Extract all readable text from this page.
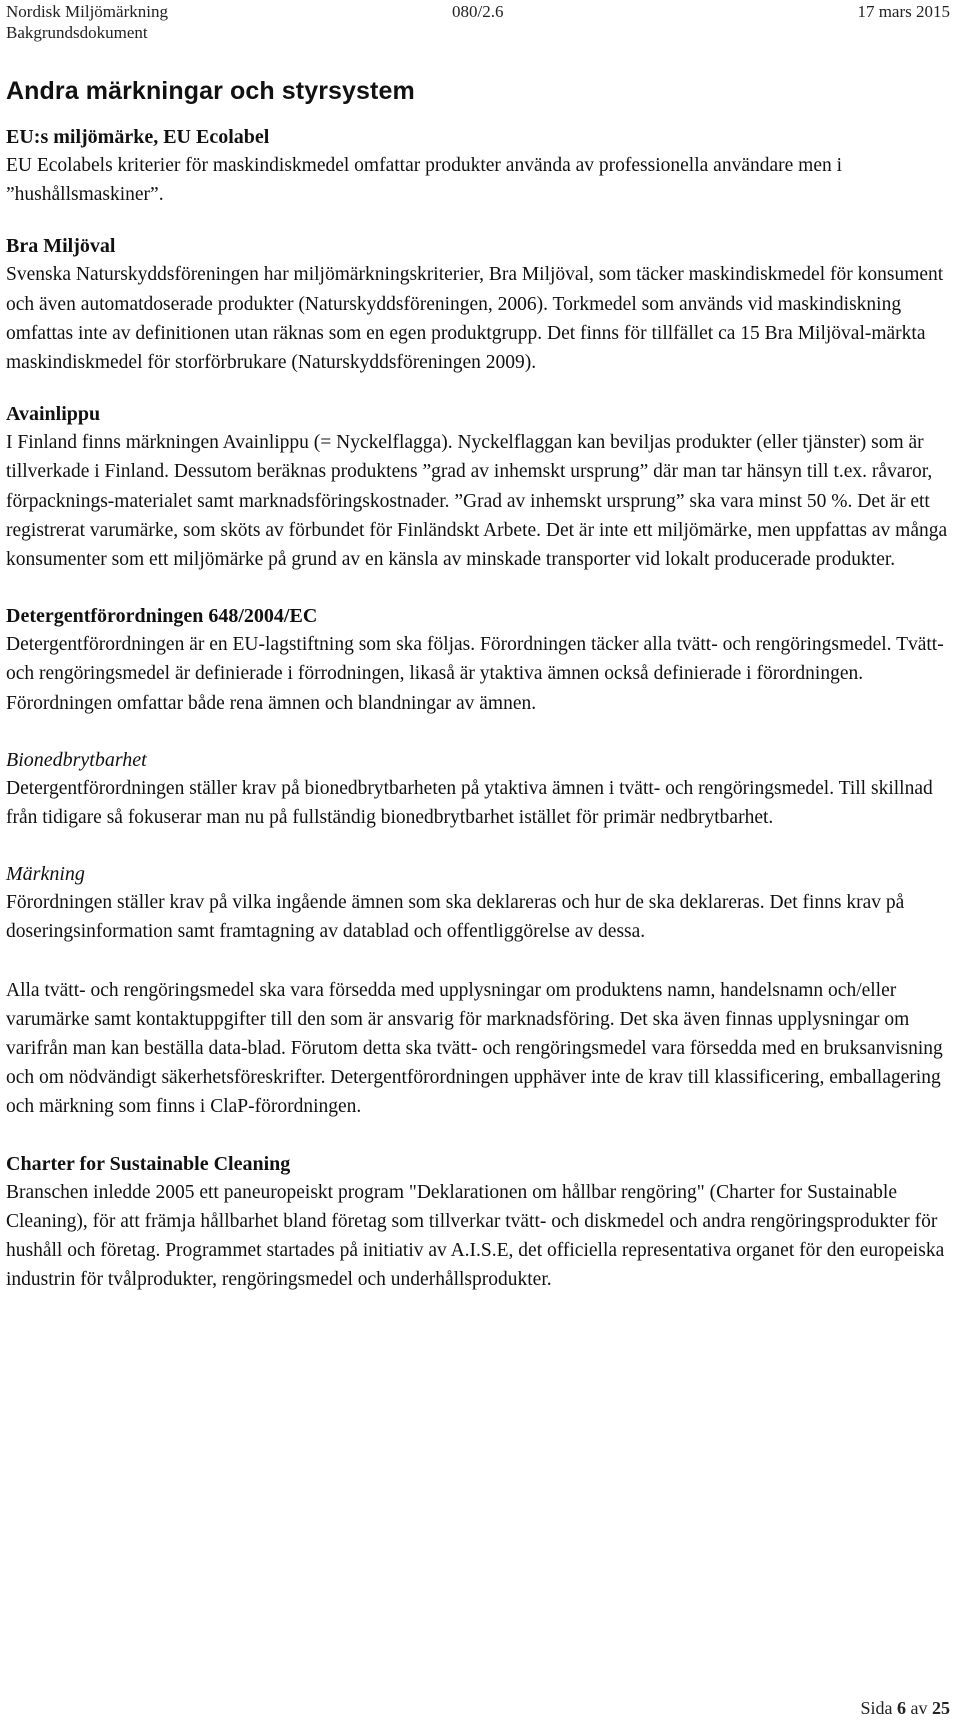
Nordisk Miljömärkning
Bakgrundsdokument
080/2.6	17 mars 2015
Andra märkningar och styrsystem
EU:s miljömärke, EU Ecolabel

EU Ecolabels kriterier för maskindiskmedel omfattar produkter använda av professionella användare men i ”hushållsmaskiner”.

Bra Miljöval

Svenska Naturskyddsföreningen har miljömärkningskriterier, Bra Miljöval, som täcker maskindiskmedel för konsument och även automatdoserade produkter (Naturskyddsföreningen, 2006). Torkmedel som används vid maskindiskning omfattas inte av definitionen utan räknas som en egen produktgrupp. Det finns för tillfället ca 15 Bra Miljöval-märkta maskindiskmedel för storförbrukare (Naturskyddsföreningen 2009).

Avainlippu

I Finland finns märkningen Avainlippu (= Nyckelflagga). Nyckelflaggan kan beviljas produkter (eller tjänster) som är tillverkade i Finland. Dessutom beräknas produktens ”grad av inhemskt ursprung” där man tar hänsyn till t.ex. råvaror, förpacknings-materialet samt marknadsföringskostnader. ”Grad av inhemskt ursprung” ska vara minst 50 %. Det är ett registrerat varumärke, som sköts av förbundet för Finländskt Arbete. Det är inte ett miljömärke, men uppfattas av många konsumenter som ett miljömärke på grund av en känsla av minskade transporter vid lokalt producerade produkter.

Detergentförordningen 648/2004/EC

Detergentförordningen är en EU-lagstiftning som ska följas. Förordningen täcker alla tvätt- och rengöringsmedel. Tvätt- och rengöringsmedel är definierade i förrodningen, likaså är ytaktiva ämnen också definierade i förordningen. Förordningen omfattar både rena ämnen och blandningar av ämnen.

Bionedbrytbarhet

Detergentförordningen ställer krav på bionedbrytbarheten på ytaktiva ämnen i tvätt- och rengöringsmedel. Till skillnad från tidigare så fokuserar man nu på fullständig bionedbrytbarhet istället för primär nedbrytbarhet.

Märkning

Förordningen ställer krav på vilka ingående ämnen som ska deklareras och hur de ska deklareras. Det finns krav på doseringsinformation samt framtagning av datablad och offentliggörelse av dessa.

Alla tvätt- och rengöringsmedel ska vara försedda med upplysningar om produktens namn, handelsnamn och/eller varumärke samt kontaktuppgifter till den som är ansvarig för marknadsföring. Det ska även finnas upplysningar om varifrån man kan beställa data-blad. Förutom detta ska tvätt- och rengöringsmedel vara försedda med en bruksanvisning och om nödvändigt säkerhetsföreskrifter. Detergentförordningen upphäver inte de krav till klassificering, emballagering och märkning som finns i ClaP-förordningen.

Charter for Sustainable Cleaning

Branschen inledde 2005 ett paneuropeiskt program "Deklarationen om hållbar rengöring" (Charter for Sustainable Cleaning), för att främja hållbarhet bland företag som tillverkar tvätt- och diskmedel och andra rengöringsprodukter för hushåll och företag. Programmet startades på initiativ av A.I.S.E, det officiella representativa organet för den europeiska industrin för tvålprodukter, rengöringsmedel och underhållsprodukter.

Sida 6 av 25
